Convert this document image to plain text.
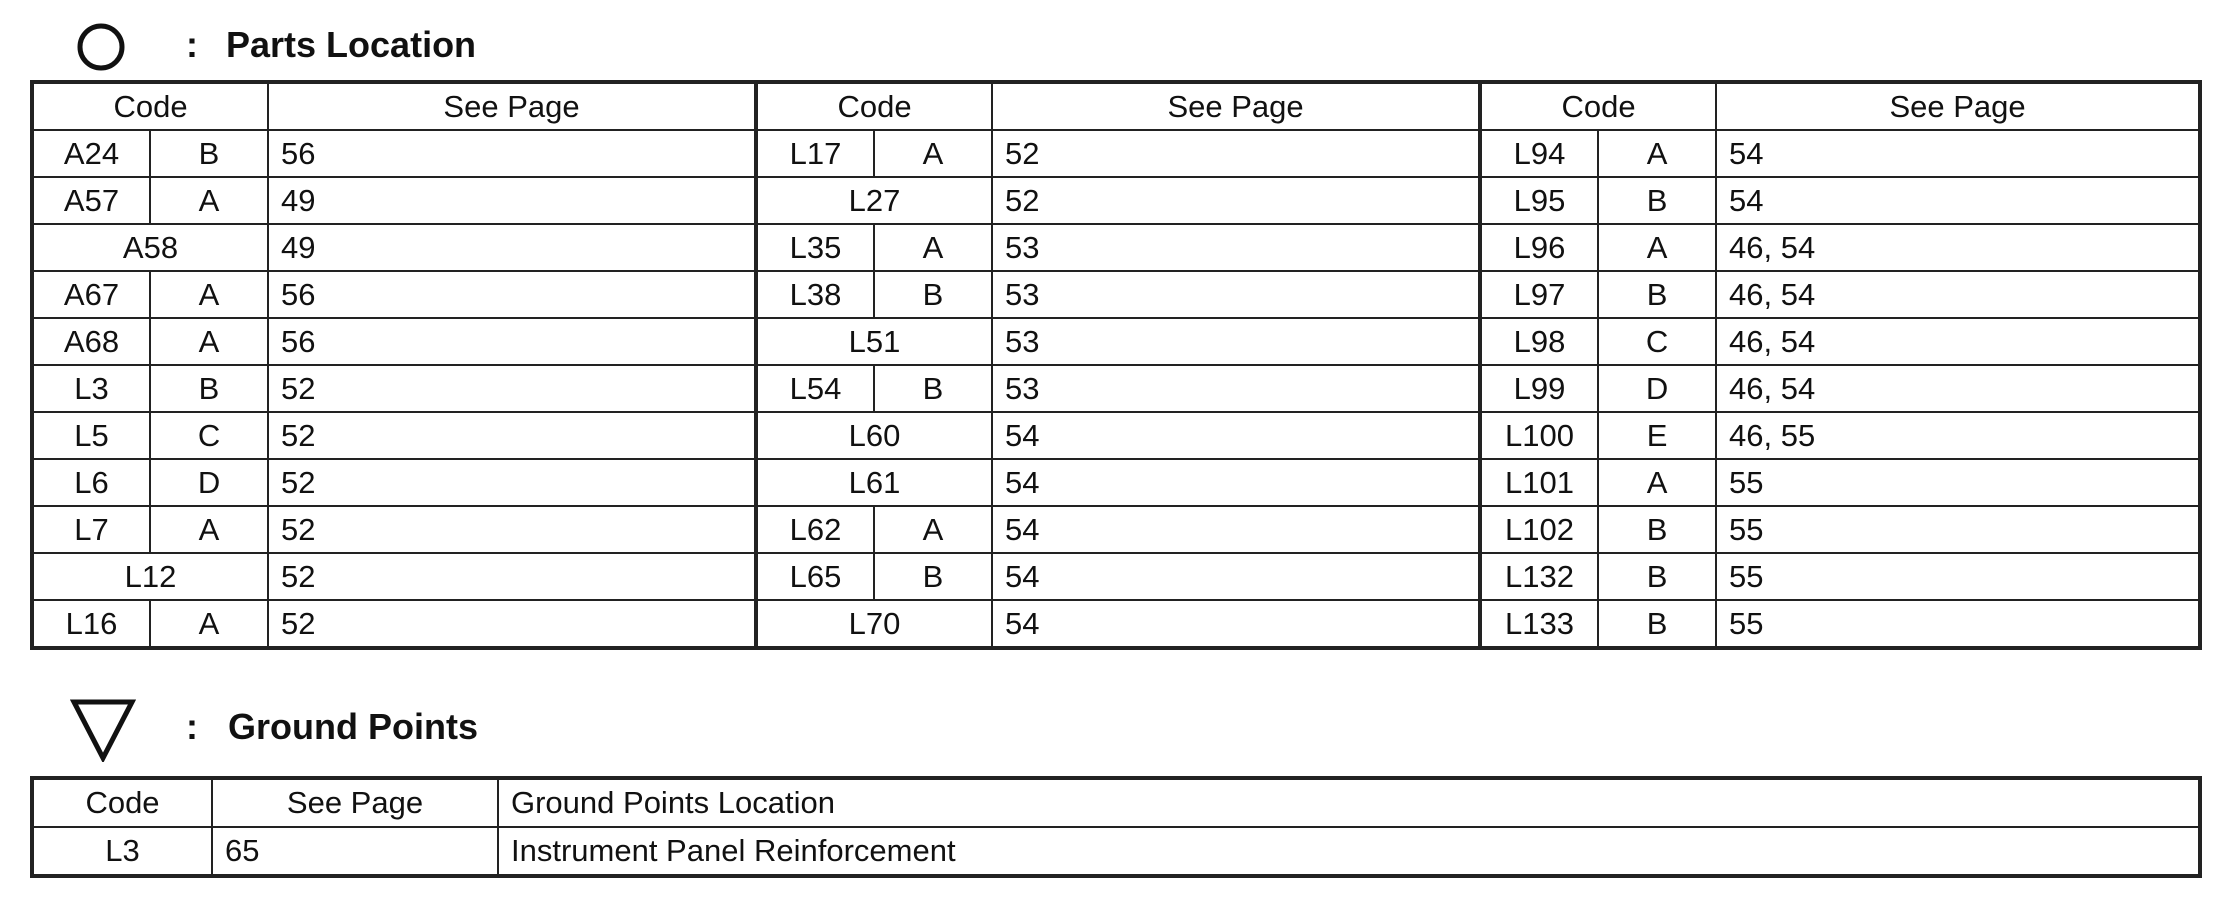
: Parts Location
Code		See Page	Code		See Page	Code		See Page
A24	B	56	L17	A	52	L94	A	54
A57	A	49	L27		52	L95	B	54
A58		49	L35	A	53	L96	A	46, 54
A67	A	56	L38	B	53	L97	B	46, 54
A68	A	56	L51		53	L98	C	46, 54
L3	B	52	L54	B	53	L99	D	46, 54
L5	C	52	L60		54	L100	E	46, 55
L6	D	52	L61		54	L101	A	55
L7	A	52	L62	A	54	L102	B	55
L12		52	L65	B	54	L132	B	55
L16	A	52	L70		54	L133	B	55
: Ground Points
Code	See Page	Ground Points Location
L3	65	Instrument Panel Reinforcement
